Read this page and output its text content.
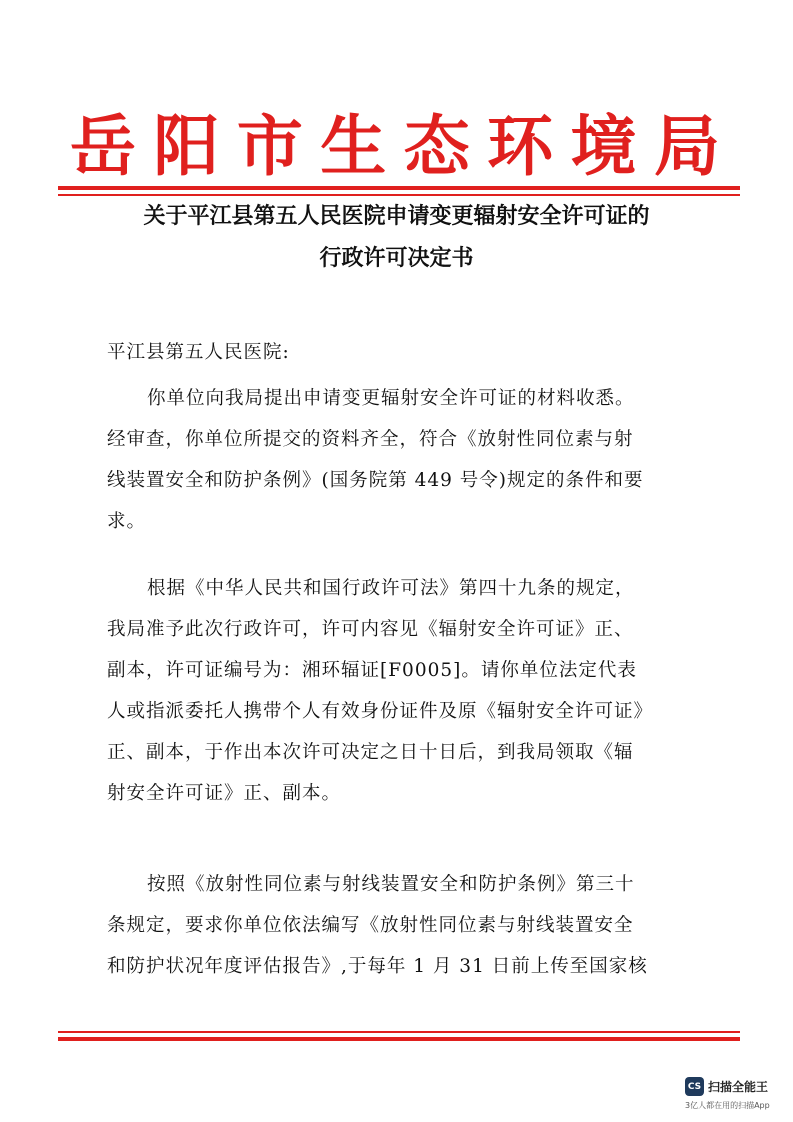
岳 阳 市 生 态 环 境 局
关于平江县第五人民医院申请变更辐射安全许可证的
行政许可决定书
平江县第五人民医院:
你单位向我局提出申请变更辐射安全许可证的材料收悉。
经审查，你单位所提交的资料齐全，符合《放射性同位素与射
线装置安全和防护条例》(国务院第 449 号令)规定的条件和要
求。
根据《中华人民共和国行政许可法》第四十九条的规定，
我局准予此次行政许可，许可内容见《辐射安全许可证》正、
副本，许可证编号为：湘环辐证[F0005]。请你单位法定代表
人或指派委托人携带个人有效身份证件及原《辐射安全许可证》
正、副本，于作出本次许可决定之日十日后，到我局领取《辐
射安全许可证》正、副本。
按照《放射性同位素与射线装置安全和防护条例》第三十
条规定，要求你单位依法编写《放射性同位素与射线装置安全
和防护状况年度评估报告》,于每年 1 月 31 日前上传至国家核
CS 扫描全能王
3亿人都在用的扫描App
